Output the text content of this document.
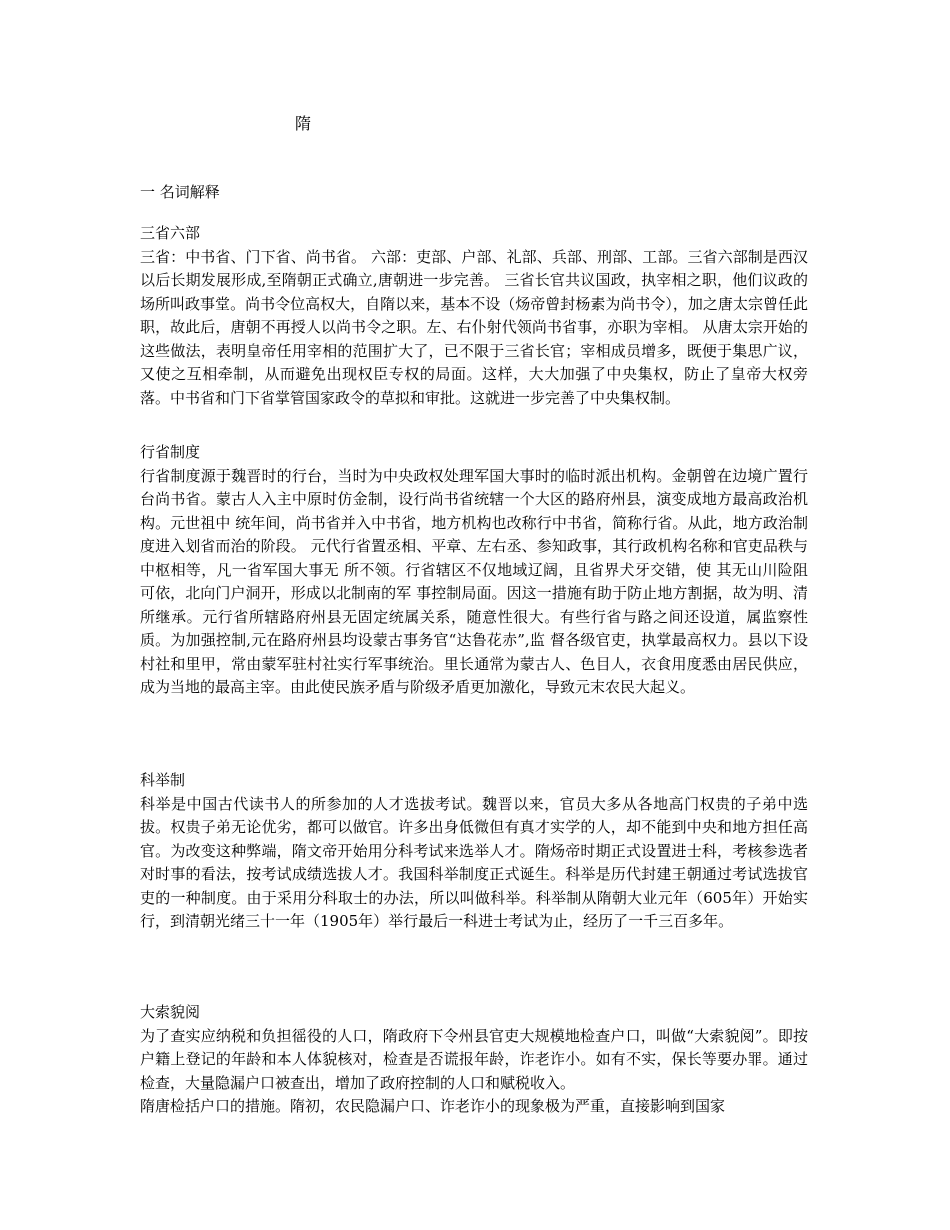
隋
一 名词解释
三省六部

三省：中书省、门下省、尚书省。 六部：吏部、户部、礼部、兵部、刑部、工部。三省六部制是西汉以后长期发展形成,至隋朝正式确立,唐朝进一步完善。 三省长官共议国政，执宰相之职，他们议政的场所叫政事堂。尚书令位高权大，自隋以来，基本不设（炀帝曾封杨素为尚书令），加之唐太宗曾任此职，故此后，唐朝不再授人以尚书令之职。左、右仆射代领尚书省事，亦职为宰相。 从唐太宗开始的这些做法，表明皇帝任用宰相的范围扩大了，已不限于三省长官；宰相成员增多，既便于集思广议，又使之互相牵制，从而避免出现权臣专权的局面。这样，大大加强了中央集权，防止了皇帝大权旁落。中书省和门下省掌管国家政令的草拟和审批。这就进一步完善了中央集权制。

行省制度

行省制度源于魏晋时的行台，当时为中央政权处理军国大事时的临时派出机构。金朝曾在边境广置行台尚书省。蒙古人入主中原时仿金制，设行尚书省统辖一个大区的路府州县，演变成地方最高政治机构。元世祖中 统年间，尚书省并入中书省，地方机构也改称行中书省，简称行省。从此，地方政治制度进入划省而治的阶段。 元代行省置丞相、平章、左右丞、参知政事，其行政机构名称和官吏品秩与中枢相等，凡一省军国大事无 所不领。行省辖区不仅地域辽阔，且省界犬牙交错，使 其无山川险阻可依，北向门户洞开，形成以北制南的军 事控制局面。因这一措施有助于防止地方割据，故为明、清所继承。元行省所辖路府州县无固定统属关系，随意性很大。有些行省与路之间还设道，属监察性质。为加强控制,元在路府州县均设蒙古事务官“达鲁花赤”,监 督各级官吏，执掌最高权力。县以下设村社和里甲，常由蒙军驻村社实行军事统治。里长通常为蒙古人、色目人，衣食用度悉由居民供应，成为当地的最高主宰。由此使民族矛盾与阶级矛盾更加激化，导致元末农民大起义。

科举制

科举是中国古代读书人的所参加的人才选拔考试。魏晋以来，官员大多从各地高门权贵的子弟中选拔。权贵子弟无论优劣，都可以做官。许多出身低微但有真才实学的人，却不能到中央和地方担任高官。为改变这种弊端，隋文帝开始用分科考试来选举人才。隋炀帝时期正式设置进士科，考核参选者对时事的看法，按考试成绩选拔人才。我国科举制度正式诞生。科举是历代封建王朝通过考试选拔官吏的一种制度。由于采用分科取士的办法，所以叫做科举。科举制从隋朝大业元年（605年）开始实行，到清朝光绪三十一年（1905年）举行最后一科进士考试为止，经历了一千三百多年。

大索貌阅

为了查实应纳税和负担徭役的人口，隋政府下令州县官吏大规模地检查户口，叫做“大索貌阅”。即按户籍上登记的年龄和本人体貌核对，检查是否谎报年龄，诈老诈小。如有不实，保长等要办罪。通过检查，大量隐漏户口被查出，增加了政府控制的人口和赋税收入。

隋唐检括户口的措施。隋初，农民隐漏户口、诈老诈小的现象极为严重，直接影响到国家
